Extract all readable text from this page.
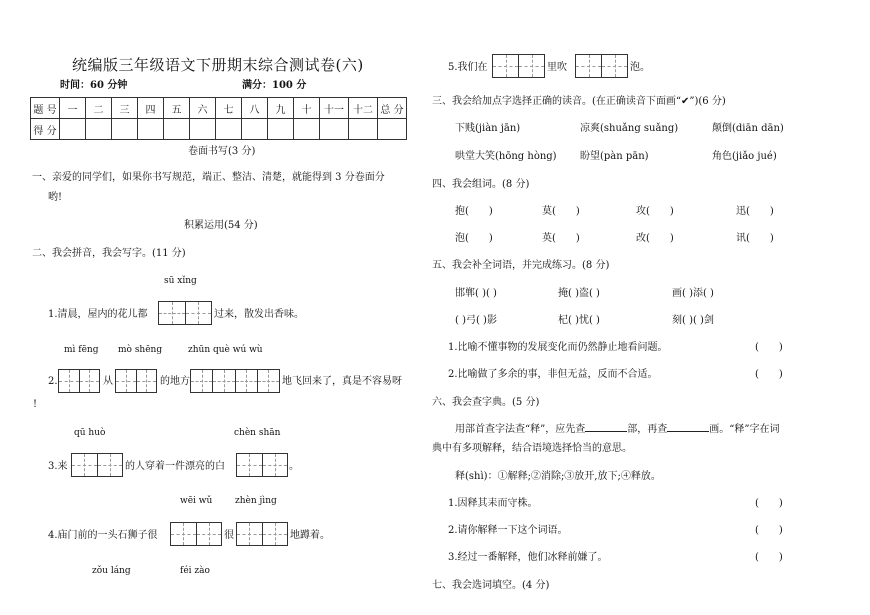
统编版三年级语文下册期末综合测试卷(六)
时间：60 分钟	满分：100 分
题 号	一	二	三	四	五	六	七	八	九	十	十一	十二	总 分
得 分													
卷面书写(3 分)
一、亲爱的同学们，如果你书写规范，端正、整洁、清楚，就能得到 3 分卷面分
哟!
积累运用(54 分)
二、我会拼音，我会写字。(11 分)
sū xǐng
1.清晨，屋内的花儿都	过来，散发出香味。
mì fēng mò shēng	zhūn què wú wù
2.	从	的地方	地飞回来了，真是不容易呀
!
qū huò	chèn shān
3.来	的人穿着一件漂亮的白	。
wēi wǔ	zhèn jìng
4.庙门前的一头石狮子很	很	地蹲着。
zǒu láng	féi zào
5.我们在	里吹	泡。
三、我会给加点字选择正确的读音。(在正确读音下面画“✔”)(6 分)
下贱(jiàn jān)	凉爽(shuǎng suǎng)	颠倒(diān dān)
哄堂大笑(hōng hòng) 盼望(pàn pān)	角色(jiǎo jué)
四、我会组词。(8 分)
抱(　　)	莫(　　)	攻(　　)	迅(　　)
泡(　　)	英(　　)	改(　　)	讯(　　)
五、我会补全词语，并完成练习。(8 分)
邯郸( )( )	掩( )盗( )	画( )添( )
( )弓( )影	杞( )忧( )	刻( )( )剑
1.比喻不懂事物的发展变化而仍然静止地看问题。	(　　)
2.比喻做了多余的事，非但无益，反而不合适。	(　　)
六、我会查字典。(5 分)
用部首查字法查“释”，应先查	部，再查	画。“释”字在词
典中有多项解释，结合语境选择恰当的意思。
释(shì)：①解释;②消除;③放开,放下;④释放。
1.因释其耒而守株。	(　　)
2.请你解释一下这个词语。	(　　)
3.经过一番解释，他们冰释前嫌了。	(　　)
七、我会选词填空。(4 分)
